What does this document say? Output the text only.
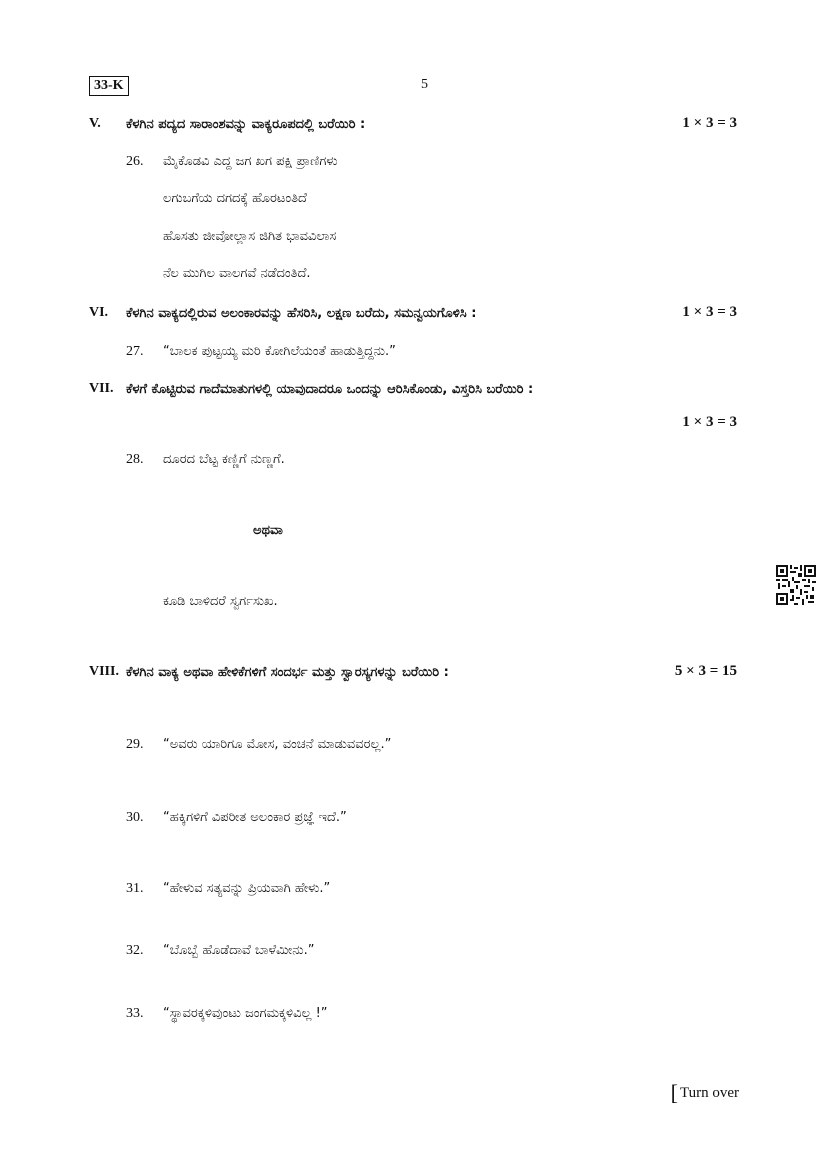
33-K	5
V. ಕೆಳಗಿನ ಪದ್ಯದ ಸಾರಾಂಶವನ್ನು ವಾಕ್ಯರೂಪದಲ್ಲಿ ಬರೆಯಿರಿ :	1 × 3 = 3
26. ಮೈಕೊಡವಿ ಎದ್ದ ಜಗ ಖಗ ಪಕ್ಷಿ ಪ್ರಾಣಿಗಳು
ಲಗುಬಗೆಯ ದಗದಕ್ಕೆ ಹೊರಟಂತಿದೆ
ಹೊಸತು ಜೀವೋಲ್ಲಾಸ ಜಿಗಿತ ಭಾವವಿಲಾಸ
ನೆಲ ಮುಗಿಲ ವಾಲಗವೆ ನಡೆದಂತಿದೆ.
VI. ಕೆಳಗಿನ ವಾಕ್ಯದಲ್ಲಿರುವ ಅಲಂಕಾರವನ್ನು ಹೆಸರಿಸಿ, ಲಕ್ಷಣ ಬರೆದು, ಸಮನ್ವಯಗೊಳಿಸಿ :	1 × 3 = 3
27. “ಬಾಲಕ ಪುಟ್ಟಯ್ಯ ಮರಿ ಕೋಗಿಲೆಯಂತೆ ಹಾಡುತ್ತಿದ್ದನು.”
VII. ಕೆಳಗೆ ಕೊಟ್ಟಿರುವ ಗಾದೆಮಾತುಗಳಲ್ಲಿ ಯಾವುದಾದರೂ ಒಂದನ್ನು ಆರಿಸಿಕೊಂಡು, ವಿಸ್ತರಿಸಿ ಬರೆಯಿರಿ :
1 × 3 = 3
28. ದೂರದ ಬೆಟ್ಟ ಕಣ್ಣಿಗೆ ನುಣ್ಣಗೆ.
ಅಥವಾ
ಕೂಡಿ ಬಾಳಿದರೆ ಸ್ವರ್ಗಸುಖ.
VIII. ಕೆಳಗಿನ ವಾಕ್ಯ ಅಥವಾ ಹೇಳಿಕೆಗಳಿಗೆ ಸಂದರ್ಭ ಮತ್ತು ಸ್ವಾರಸ್ಯಗಳನ್ನು ಬರೆಯಿರಿ :	5 × 3 = 15
29. “ಅವರು ಯಾರಿಗೂ ಮೋಸ, ವಂಚನೆ ಮಾಡುವವರಲ್ಲ.”
30. “ಹಕ್ಕಿಗಳಿಗೆ ವಿಪರೀತ ಅಲಂಕಾರ ಪ್ರಜ್ಞೆ ಇದೆ.”
31. “ಹೇಳುವ ಸತ್ಯವನ್ನು ಪ್ರಿಯವಾಗಿ ಹೇಳು.”
32. “ಬೊಬ್ಬೆ ಹೊಡೆದಾವೆ ಬಾಳೆಮೀನು.”
33. “ಸ್ಥಾವರಕ್ಕಳಿವುಂಟು ಜಂಗಮಕ್ಕಳಿವಿಲ್ಲ !”
[ Turn over
